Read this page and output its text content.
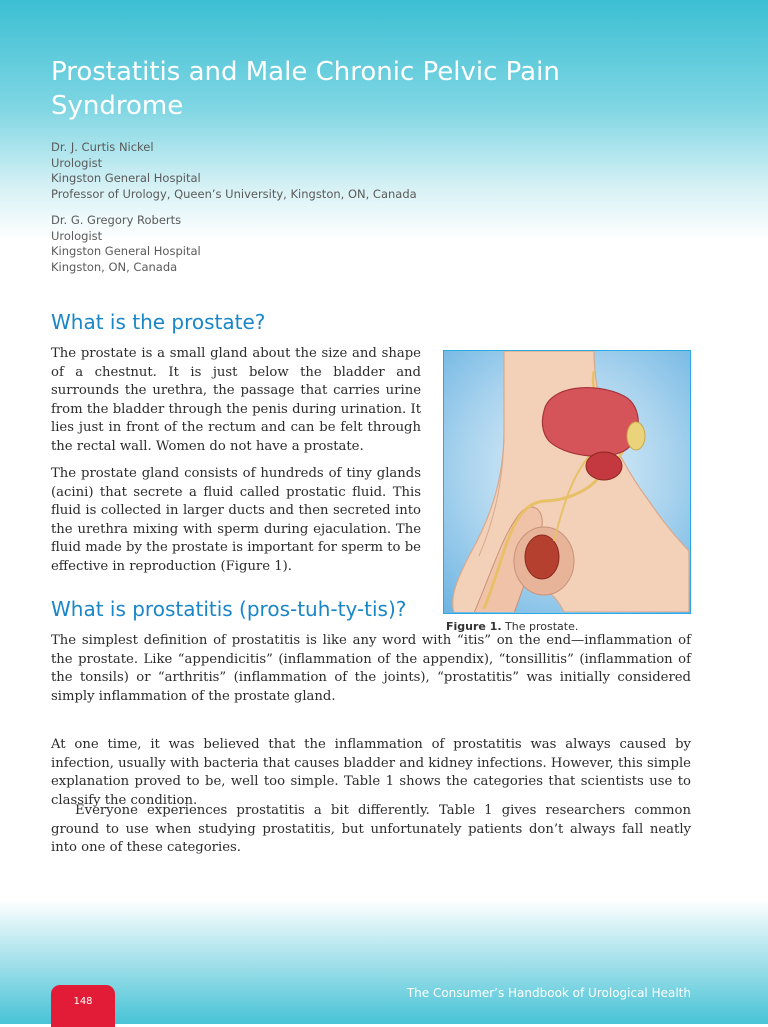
Prostatitis and Male Chronic Pelvic Pain Syndrome
Dr. J. Curtis Nickel
Urologist
Kingston General Hospital
Professor of Urology, Queen’s University, Kingston, ON, Canada
Dr. G. Gregory Roberts
Urologist
Kingston General Hospital
Kingston, ON, Canada
What is the prostate?

The prostate is a small gland about the size and shape of a chestnut. It is just below the bladder and surrounds the urethra, the passage that carries urine from the bladder through the penis during urination. It lies just in front of the rectum and can be felt through the rectal wall. Women do not have a prostate.

The prostate gland consists of hundreds of tiny glands (acini) that secrete a fluid called prostatic fluid. This fluid is collected in larger ducts and then secreted into the urethra mixing with sperm during ejaculation. The fluid made by the prostate is important for sperm to be effective in reproduction (Figure 1).

Figure 1. The prostate.
What is prostatitis (pros-tuh-ty-tis)?

The simplest definition of prostatitis is like any word with “itis” on the end—inflammation of the prostate. Like “appendicitis” (inflammation of the appendix), “tonsillitis” (inflammation of the tonsils) or “arthritis” (inflammation of the joints), “prostatitis” was initially considered simply inflammation of the prostate gland.

At one time, it was believed that the inflammation of prostatitis was always caused by infection, usually with bacteria that causes bladder and kidney infections. However, this simple explanation proved to be, well too simple. Table 1 shows the categories that scientists use to classify the condition.

Everyone experiences prostatitis a bit differently. Table 1 gives researchers common ground to use when studying prostatitis, but unfortunately patients don’t always fall neatly into one of these categories.

148
The Consumer’s Handbook of Urological Health
